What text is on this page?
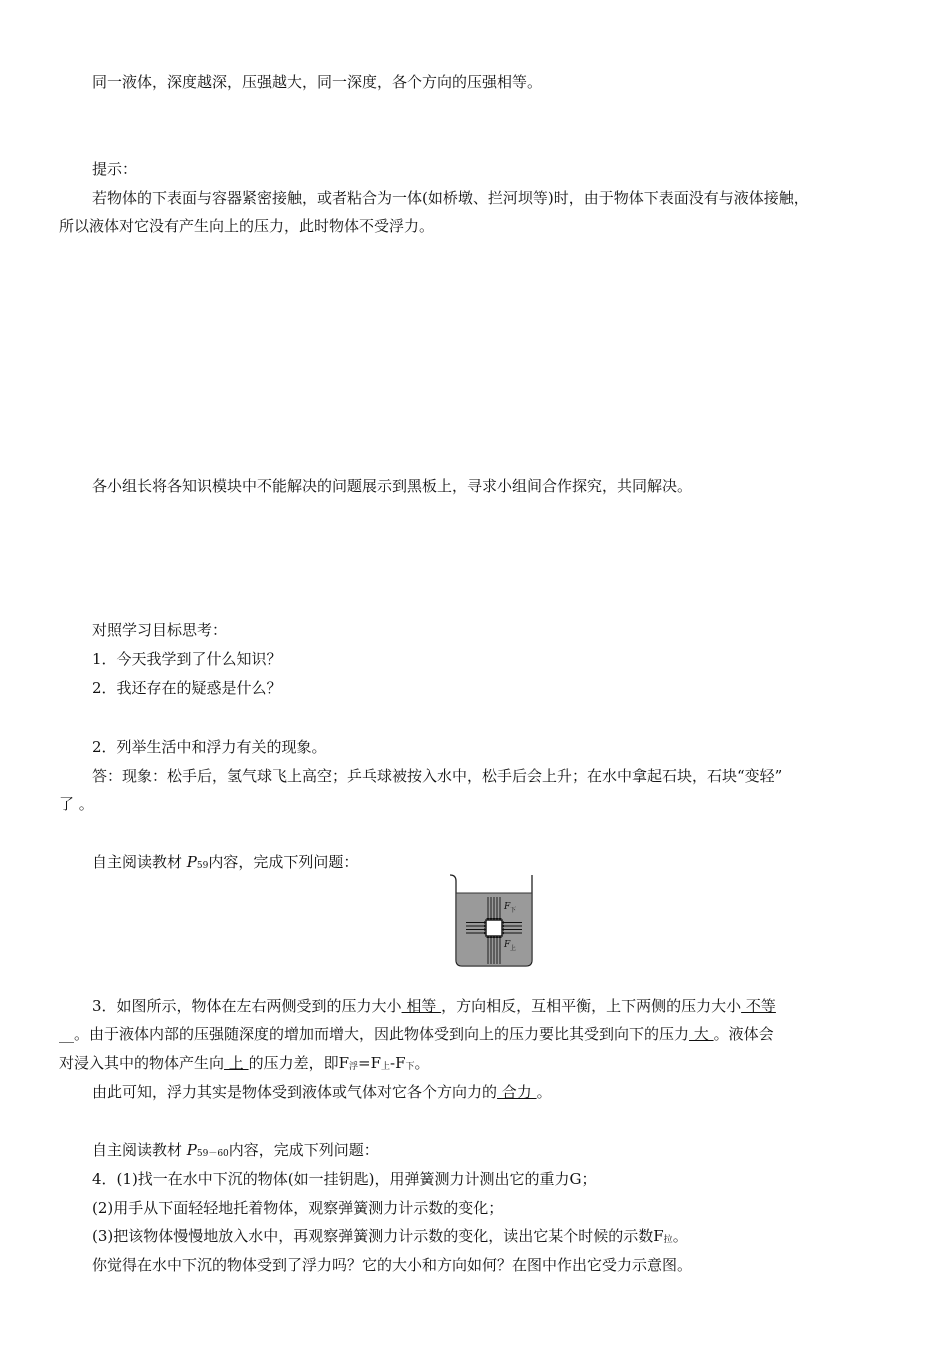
同一液体，深度越深，压强越大，同一深度，各个方向的压强相等。
提示：
若物体的下表面与容器紧密接触，或者粘合为一体(如桥墩、拦河坝等)时，由于物体下表面没有与液体接触，
所以液体对它没有产生向上的压力，此时物体不受浮力。
各小组长将各知识模块中不能解决的问题展示到黑板上，寻求小组间合作探究，共同解决。
对照学习目标思考：
1．今天我学到了什么知识？
2．我还存在的疑惑是什么？
2．列举生活中和浮力有关的现象。
答：现象：松手后，氢气球飞上高空；乒乓球被按入水中，松手后会上升；在水中拿起石块，石块“变轻”
了 。
自主阅读教材 P59内容，完成下列问题：
F 下
F 上
3．如图所示，物体在左右两侧受到的压力大小 相等 ，方向相反，互相平衡，上下两侧的压力大小 不等
__。由于液体内部的压强随深度的增加而增大，因此物体受到向上的压力要比其受到向下的压力 大 。液体会
对浸入其中的物体产生向 上 的压力差，即F浮=F上-F下。
由此可知，浮力其实是物体受到液体或气体对它各个方向力的 合力 。
自主阅读教材 P59－60内容，完成下列问题：
4．(1)找一在水中下沉的物体(如一挂钥匙)，用弹簧测力计测出它的重力G；
(2)用手从下面轻轻地托着物体，观察弹簧测力计示数的变化；
(3)把该物体慢慢地放入水中，再观察弹簧测力计示数的变化，读出它某个时候的示数F拉。
你觉得在水中下沉的物体受到了浮力吗？它的大小和方向如何？在图中作出它受力示意图。
